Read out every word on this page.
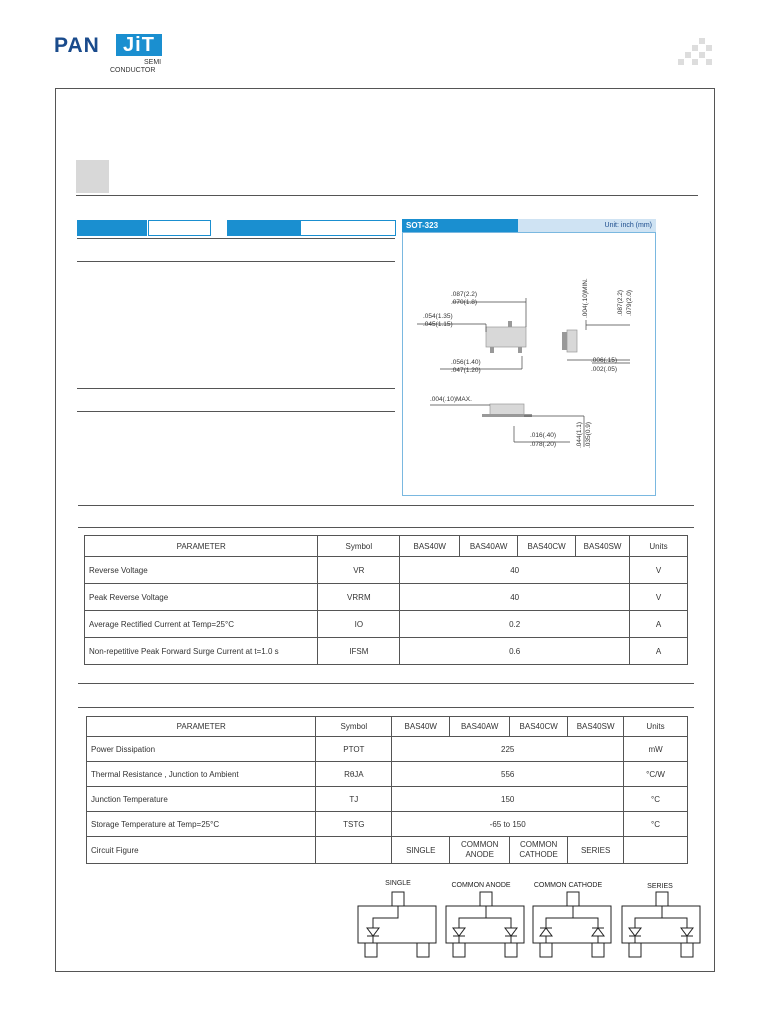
PAN	JiT
SEMI
CONDUCTOR
SOT-323	Unit: inch (mm)
.087(2.2)
.070(1.8)
.054(1.35)
.045(1.15)
.056(1.40)
.047(1.20)
.004(.10)MIN.	.087(2.2) .079(2.0)
.006(.15)
.002(.05)
.004(.10)MAX.
.016(.40)
.078(.20)	.044(1.1) .035(0.9)
PARAMETER	Symbol	BAS40W	BAS40AW	BAS40CW	BAS40SW	Units
Reverse Voltage	VR	40				V
Peak Reverse Voltage	VRRM	40				V
Average Rectified Current at Temp=25°C	IO	0.2				A
Non-repetitive Peak Forward Surge Current at t=1.0 s	IFSM	0.6				A
PARAMETER	Symbol	BAS40W	BAS40AW	BAS40CW	BAS40SW	Units
Power Dissipation	PTOT	225				mW
Thermal Resistance , Junction to Ambient	RθJA	556				°C/W
Junction Temperature	TJ	150				°C
Storage Temperature at Temp=25°C	TSTG	-65 to 150				°C
Circuit Figure		SINGLE	COMMON ANODE	COMMON CATHODE	SERIES	
SINGLE	COMMON ANODE	COMMON CATHODE	SERIES
